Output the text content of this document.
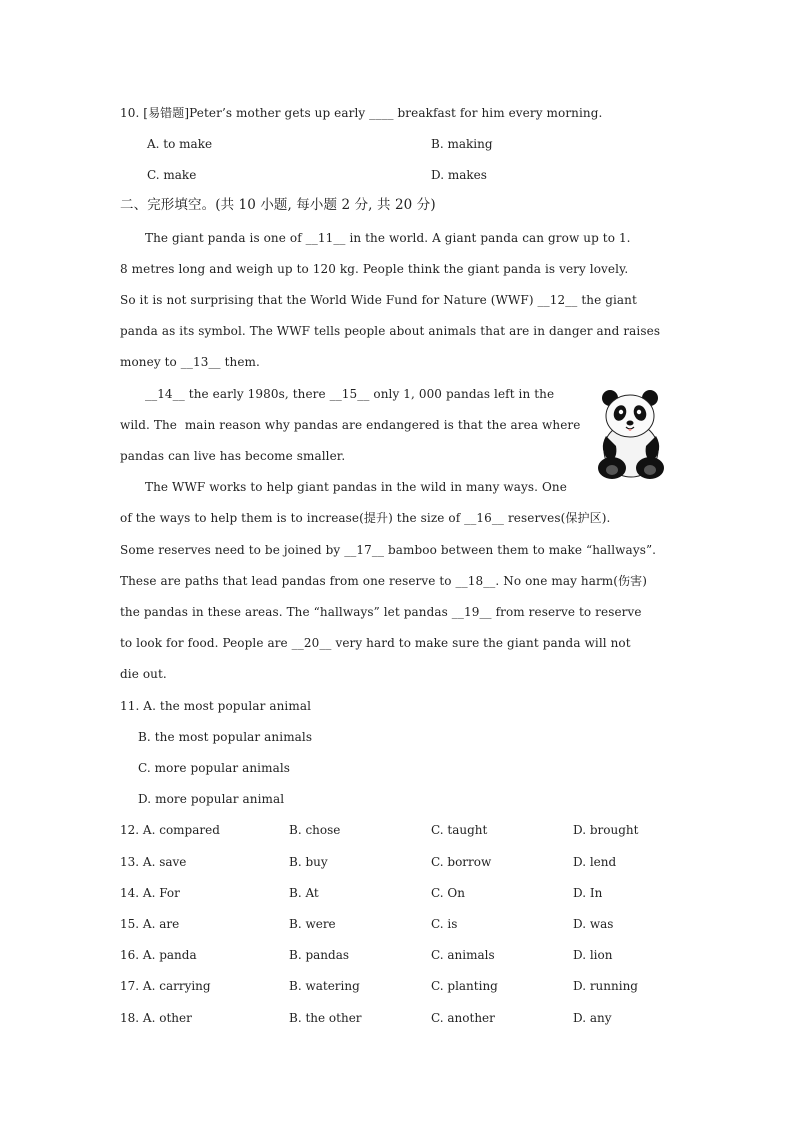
10. [易错题]Peter’s mother gets up early ____ breakfast for him every morning.
A. to make	B. making
C. make	D. makes
二、完形填空。(共 10 小题, 每小题 2 分, 共 20 分)
The giant panda is one of __11__ in the world. A giant panda can grow up to 1.
8 metres long and weigh up to 120 kg. People think the giant panda is very lovely.
So it is not surprising that the World Wide Fund for Nature (WWF) __12__ the giant
panda as its symbol. The WWF tells people about animals that are in danger and raises
money to __13__ them.
__14__ the early 1980s, there __15__ only 1, 000 pandas left in the
wild. The  main reason why pandas are endangered is that the area where
pandas can live has become smaller.
The WWF works to help giant pandas in the wild in many ways. One
of the ways to help them is to increase(提升) the size of __16__ reserves(保护区).
Some reserves need to be joined by __17__ bamboo between them to make “hallways”.
These are paths that lead pandas from one reserve to __18__. No one may harm(伤害)
the pandas in these areas. The “hallways” let pandas __19__ from reserve to reserve
to look for food. People are __20__ very hard to make sure the giant panda will not
die out.
11. A. the most popular animal
B. the most popular animals
C. more popular animals
D. more popular animal
12. A. compared	B. chose	C. taught	D. brought
13. A. save	B. buy	C. borrow	D. lend
14. A. For	B. At	C. On	D. In
15. A. are	B. were	C. is	D. was
16. A. panda	B. pandas	C. animals	D. lion
17. A. carrying	B. watering	C. planting	D. running
18. A. other	B. the other	C. another	D. any
